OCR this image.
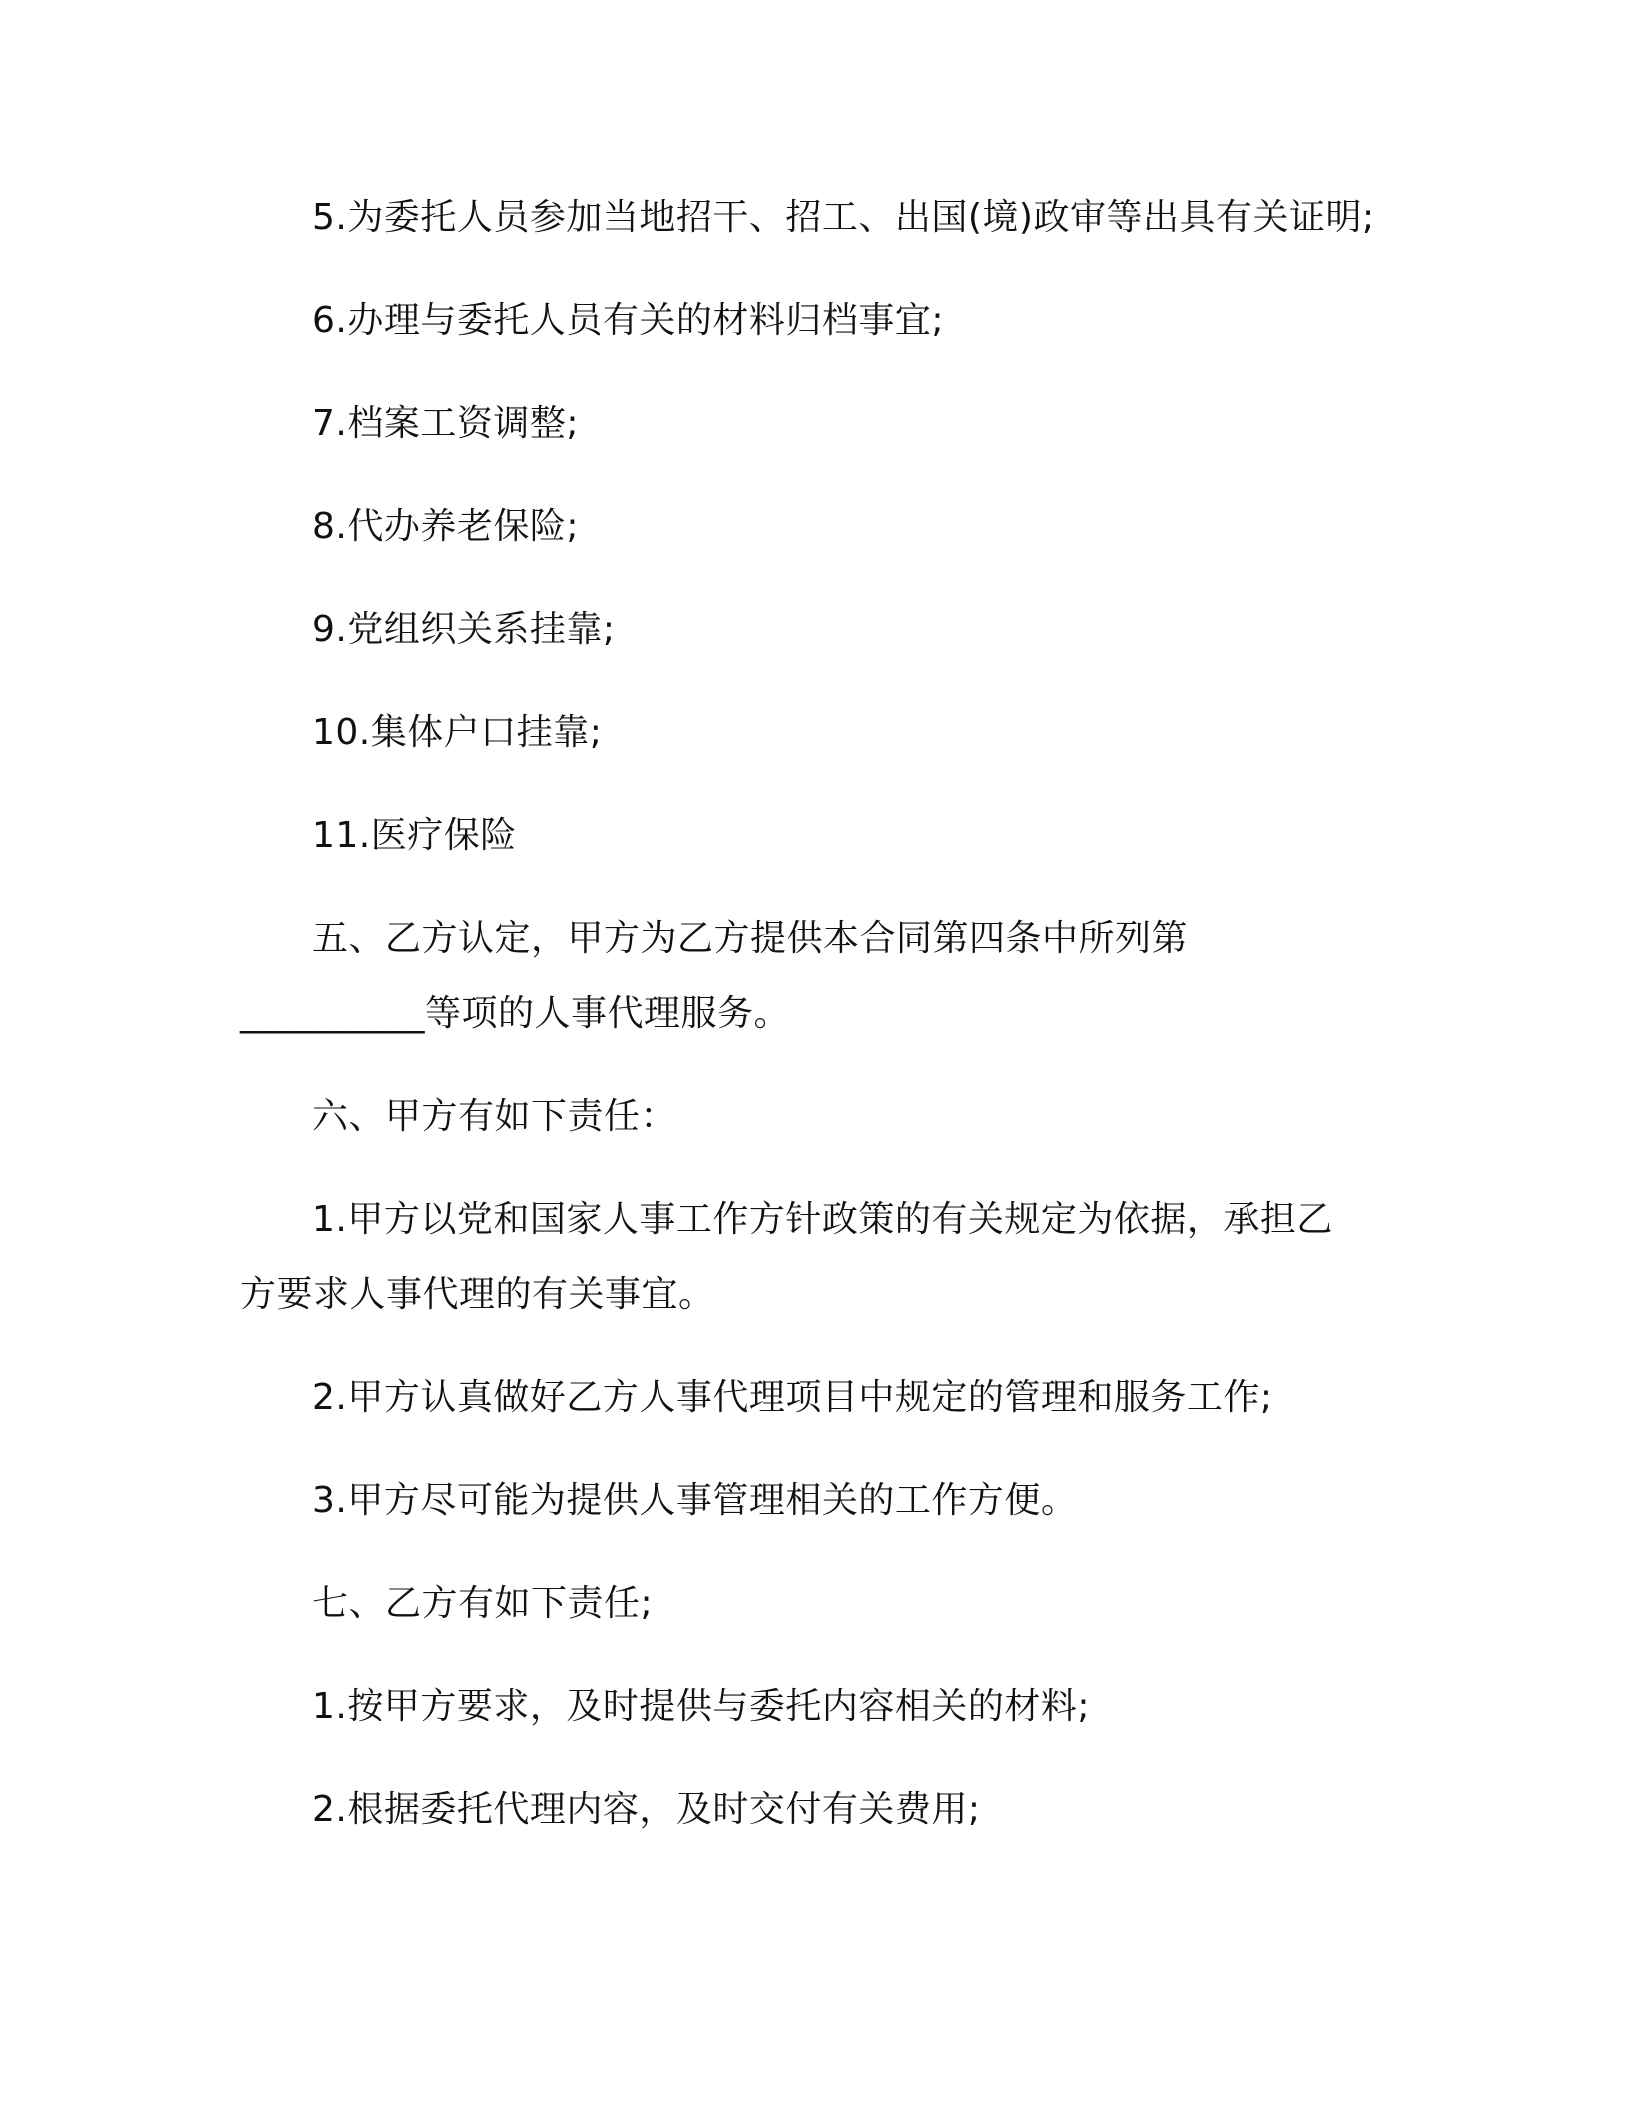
5.为委托人员参加当地招干、招工、出国(境)政审等出具有关证明;

6.办理与委托人员有关的材料归档事宜;

7.档案工资调整;

8.代办养老保险;

9.党组织关系挂靠;

10.集体户口挂靠;

11.医疗保险

五、乙方认定，甲方为乙方提供本合同第四条中所列第

__________等项的人事代理服务。

六、甲方有如下责任：

1.甲方以党和国家人事工作方针政策的有关规定为依据，承担乙

方要求人事代理的有关事宜。

2.甲方认真做好乙方人事代理项目中规定的管理和服务工作;

3.甲方尽可能为提供人事管理相关的工作方便。

七、乙方有如下责任;

1.按甲方要求，及时提供与委托内容相关的材料;

2.根据委托代理内容，及时交付有关费用;
